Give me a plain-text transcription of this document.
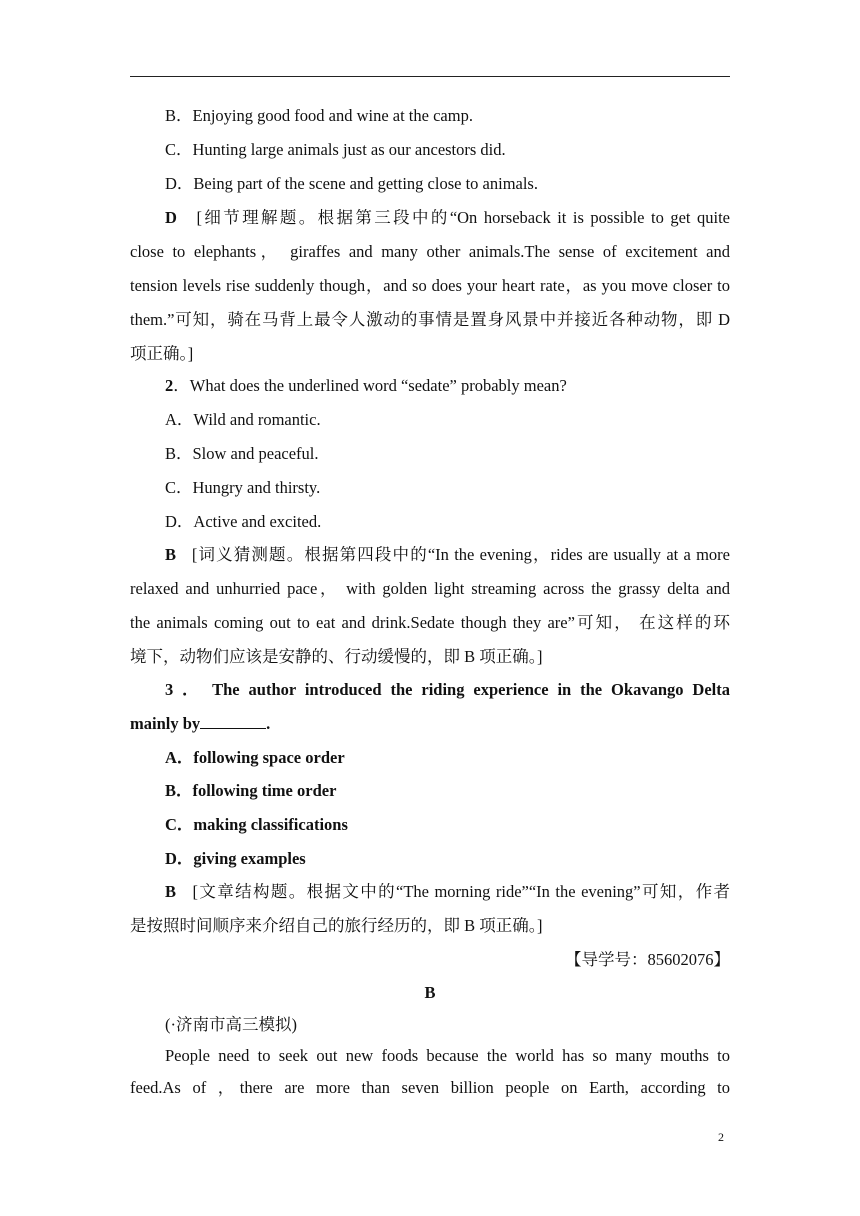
B．Enjoying good food and wine at the camp.
C．Hunting large animals just as our ancestors did.
D．Being part of the scene and getting close to animals.
D [细节理解题。根据第三段中的“On horseback it is possible to get quite
close to elephants， giraffes and many other animals.The sense of excitement and
tension levels rise suddenly though，and so does your heart rate，as you move closer to
them.”可知，骑在马背上最令人激动的事情是置身风景中并接近各种动物，即 D
项正确。]
2．What does the underlined word “sedate” probably mean?
A．Wild and romantic.
B．Slow and peaceful.
C．Hungry and thirsty.
D．Active and excited.
B [词义猜测题。根据第四段中的“In the evening，rides are usually at a more
relaxed and unhurried pace， with golden light streaming across the grassy delta and
the animals coming out to eat and drink.Sedate though they are”可知， 在这样的环
境下，动物们应该是安静的、行动缓慢的，即 B 项正确。]
3 ． The author introduced the riding experience in the Okavango Delta
mainly by	.
A．following space order
B．following time order
C．making classifications
D．giving examples
B [文章结构题。根据文中的“The morning ride”“In the evening”可知，作者
是按照时间顺序来介绍自己的旅行经历的，即 B 项正确。]
【导学号：85602076】
B
(·济南市高三模拟)
People need to seek out new foods because the world has so many mouths to
feed.As of ，there are more than seven billion people on Earth, according to
2
